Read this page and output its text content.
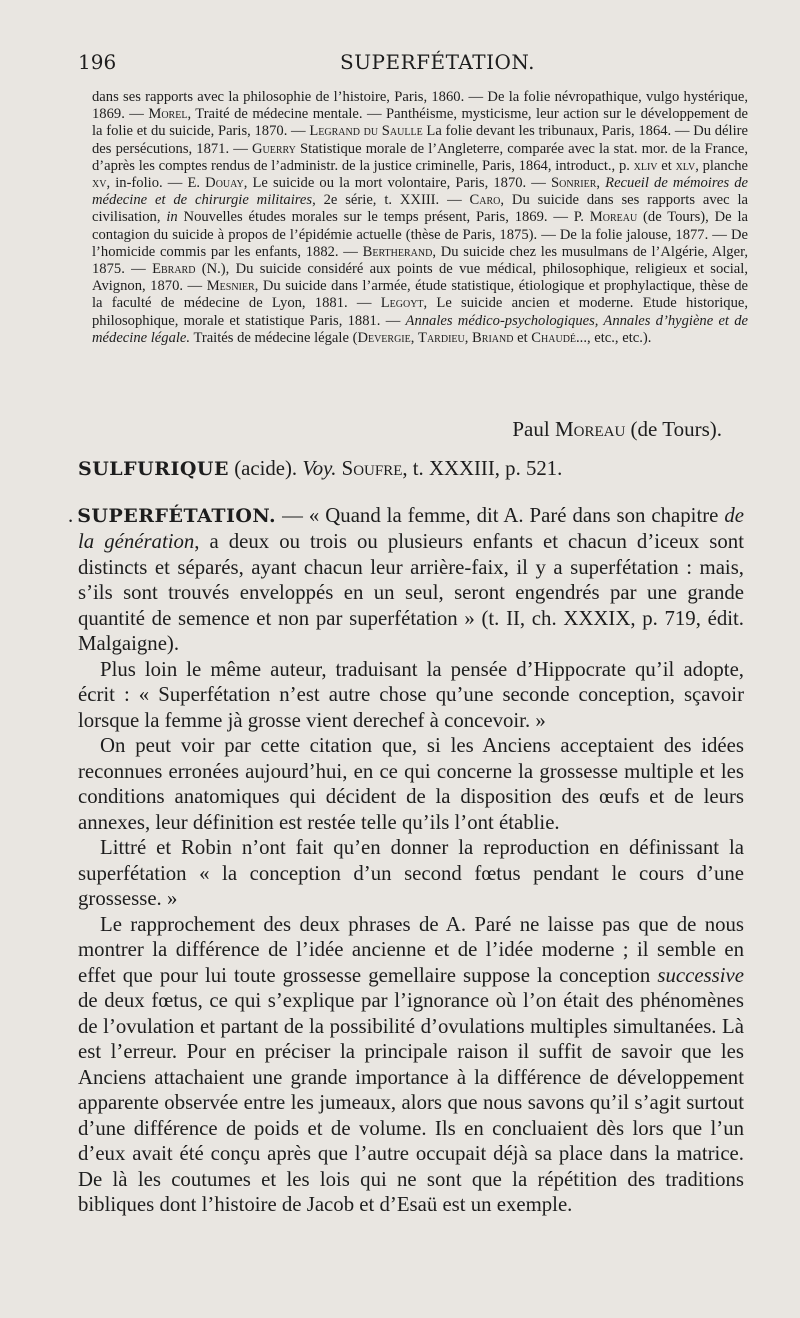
196	SUPERFÉTATION.

dans ses rapports avec la philosophie de l’histoire, Paris, 1860. — De la folie névropathique, vulgo hystérique, 1869. — Morel, Traité de médecine mentale. — Panthéisme, mysticisme, leur action sur le développement de la folie et du suicide, Paris, 1870. — Legrand du Saulle La folie devant les tribunaux, Paris, 1864. — Du délire des persécutions, 1871. — Guerry Statistique morale de l’Angleterre, comparée avec la stat. mor. de la France, d’après les comptes rendus de l’administr. de la justice criminelle, Paris, 1864, introduct., p. xliv et xlv, planche xv, in-folio. — E. Douay, Le suicide ou la mort volontaire, Paris, 1870. — Sonrier, Recueil de mémoires de médecine et de chirurgie militaires, 2e série, t. XXIII. — Caro, Du suicide dans ses rapports avec la civilisation, in Nouvelles études morales sur le temps présent, Paris, 1869. — P. Moreau (de Tours), De la contagion du suicide à propos de l’épidémie actuelle (thèse de Paris, 1875). — De la folie jalouse, 1877. — De l’homicide commis par les enfants, 1882. — Bertherand, Du suicide chez les musulmans de l’Algérie, Alger, 1875. — Ebrard (N.), Du suicide considéré aux points de vue médical, philosophique, religieux et social, Avignon, 1870. — Mesnier, Du suicide dans l’armée, étude statistique, étiologique et prophylactique, thèse de la faculté de médecine de Lyon, 1881. — Legoyt, Le suicide ancien et moderne. Etude historique, philosophique, morale et statistique Paris, 1881. — Annales médico-psychologiques, Annales d’hygiène et de médecine légale. Traités de médecine légale (Devergie, Tardieu, Briand et Chaudé..., etc., etc.).

Paul Moreau (de Tours).

SULFURIQUE (acide). Voy. Soufre, t. XXXIII, p. 521.

. SUPERFÉTATION. — « Quand la femme, dit A. Paré dans son chapitre de la génération, a deux ou trois ou plusieurs enfants et chacun d’iceux sont distincts et séparés, ayant chacun leur arrière-faix, il y a superfétation : mais, s’ils sont trouvés enveloppés en un seul, seront engendrés par une grande quantité de semence et non par superfétation » (t. II, ch. XXXIX, p. 719, édit. Malgaigne).

Plus loin le même auteur, traduisant la pensée d’Hippocrate qu’il adopte, écrit : « Superfétation n’est autre chose qu’une seconde conception, sçavoir lorsque la femme jà grosse vient derechef à concevoir. »

On peut voir par cette citation que, si les Anciens acceptaient des idées reconnues erronées aujourd’hui, en ce qui concerne la grossesse multiple et les conditions anatomiques qui décident de la disposition des œufs et de leurs annexes, leur définition est restée telle qu’ils l’ont établie.

Littré et Robin n’ont fait qu’en donner la reproduction en définissant la superfétation « la conception d’un second fœtus pendant le cours d’une grossesse. »

Le rapprochement des deux phrases de A. Paré ne laisse pas que de nous montrer la différence de l’idée ancienne et de l’idée moderne ; il semble en effet que pour lui toute grossesse gemellaire suppose la conception successive de deux fœtus, ce qui s’explique par l’ignorance où l’on était des phénomènes de l’ovulation et partant de la possibilité d’ovulations multiples simultanées. Là est l’erreur. Pour en préciser la principale raison il suffit de savoir que les Anciens attachaient une grande importance à la différence de développement apparente observée entre les jumeaux, alors que nous savons qu’il s’agit surtout d’une différence de poids et de volume. Ils en concluaient dès lors que l’un d’eux avait été conçu après que l’autre occupait déjà sa place dans la matrice. De là les coutumes et les lois qui ne sont que la répétition des traditions bibliques dont l’histoire de Jacob et d’Esaü est un exemple.
